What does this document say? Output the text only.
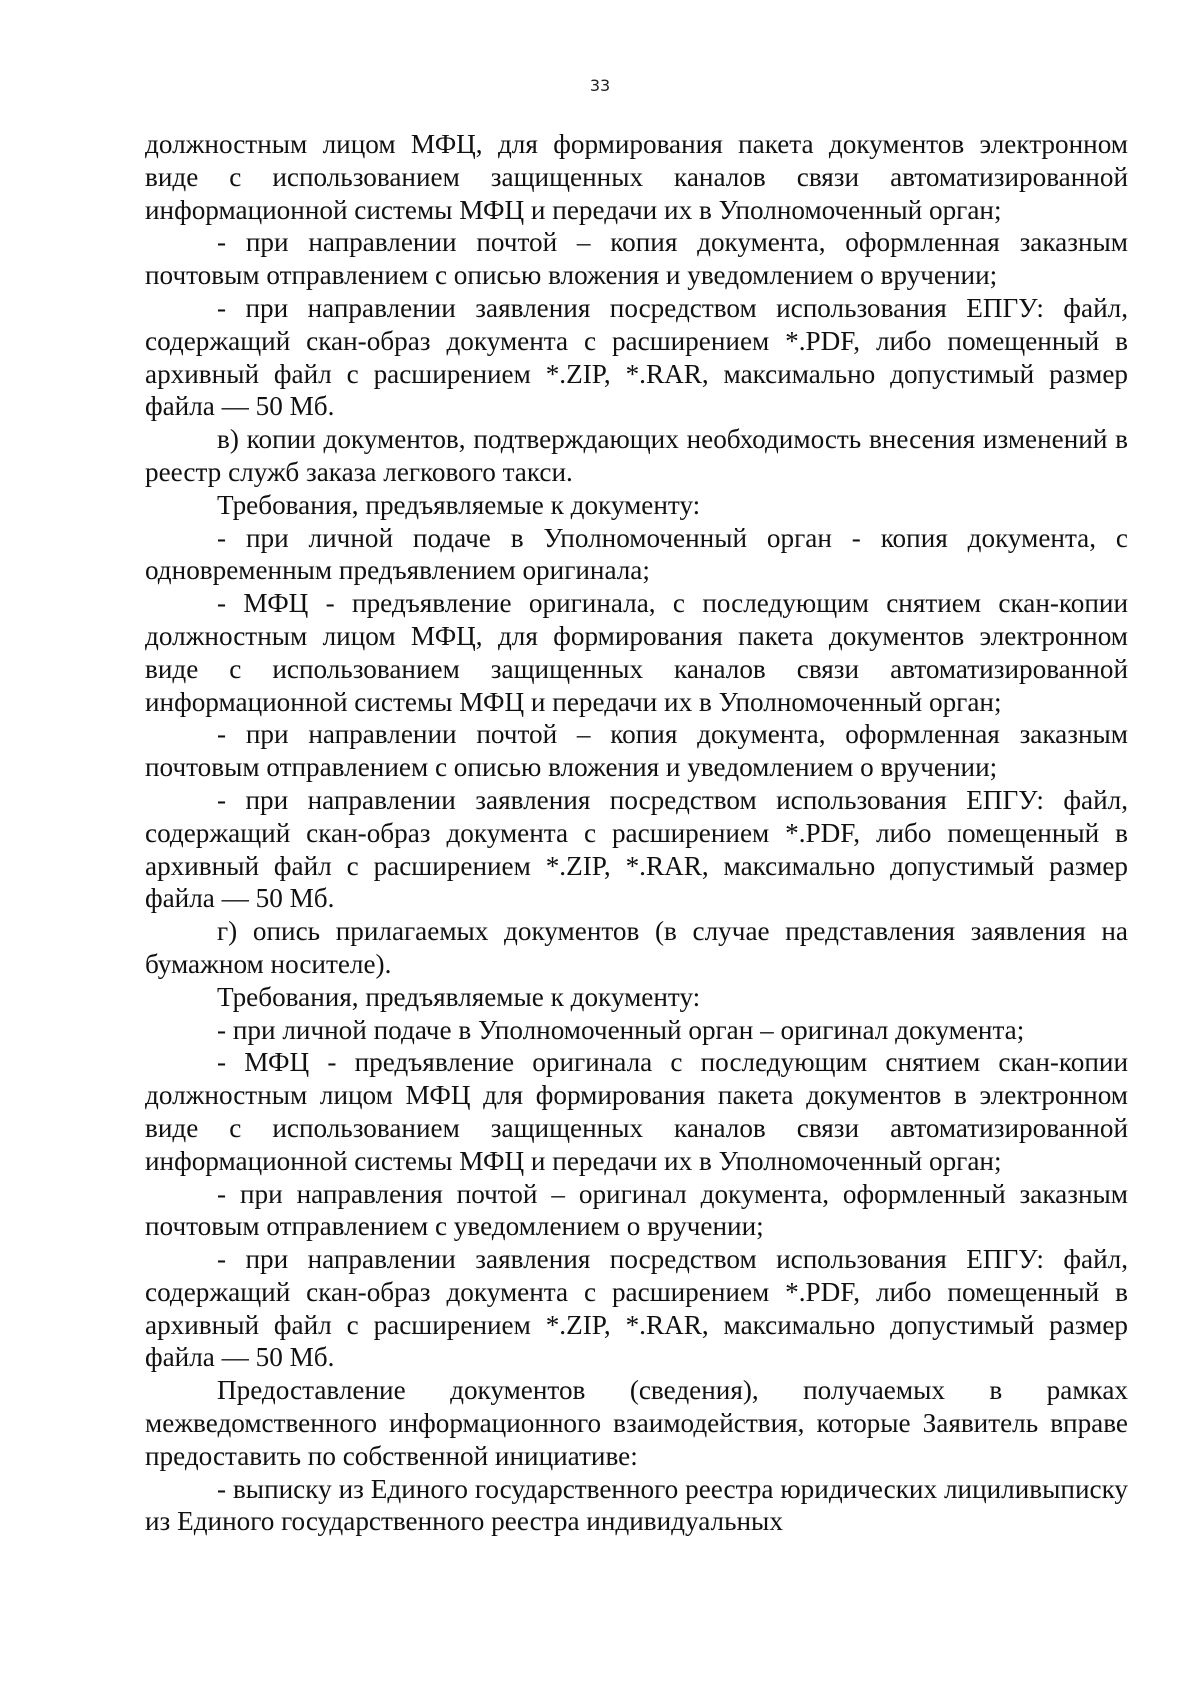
33

должностным лицом МФЦ, для формирования пакета документов электронном виде с использованием защищенных каналов связи автоматизированной информационной системы МФЦ и передачи их в Уполномоченный орган;

- при направлении почтой – копия документа, оформленная заказным почтовым отправлением с описью вложения и уведомлением о вручении;

- при направлении заявления посредством использования ЕПГУ: файл, содержащий скан-образ документа с расширением *.PDF, либо помещенный в архивный файл с расширением *.ZIP, *.RAR, максимально допустимый размер файла — 50 Мб.

в) копии документов, подтверждающих необходимость внесения изменений в реестр служб заказа легкового такси.

Требования, предъявляемые к документу:

- при личной подаче в Уполномоченный орган - копия документа, с одновременным предъявлением оригинала;

- МФЦ - предъявление оригинала, с последующим снятием скан-копии должностным лицом МФЦ, для формирования пакета документов электронном виде с использованием защищенных каналов связи автоматизированной информационной системы МФЦ и передачи их в Уполномоченный орган;

- при направлении почтой – копия документа, оформленная заказным почтовым отправлением с описью вложения и уведомлением о вручении;

- при направлении заявления посредством использования ЕПГУ: файл, содержащий скан-образ документа с расширением *.PDF, либо помещенный в архивный файл с расширением *.ZIP, *.RAR, максимально допустимый размер файла — 50 Мб.

г) опись прилагаемых документов (в случае представления заявления на бумажном носителе).

Требования, предъявляемые к документу:

- при личной подаче в Уполномоченный орган – оригинал документа;

- МФЦ - предъявление оригинала с последующим снятием скан-копии должностным лицом МФЦ для формирования пакета документов в электронном виде с использованием защищенных каналов связи автоматизированной информационной системы МФЦ и передачи их в Уполномоченный орган;

- при направления почтой – оригинал документа, оформленный заказным почтовым отправлением с уведомлением о вручении;

- при направлении заявления посредством использования ЕПГУ: файл, содержащий скан-образ документа с расширением *.PDF, либо помещенный в архивный файл с расширением *.ZIP, *.RAR, максимально допустимый размер файла — 50 Мб.

Предоставление документов (сведения), получаемых в рамках межведомственного информационного взаимодействия, которые Заявитель вправе предоставить по собственной инициативе:

- выписку из Единого государственного реестра юридических лициливыписку из Единого государственного реестра индивидуальных
